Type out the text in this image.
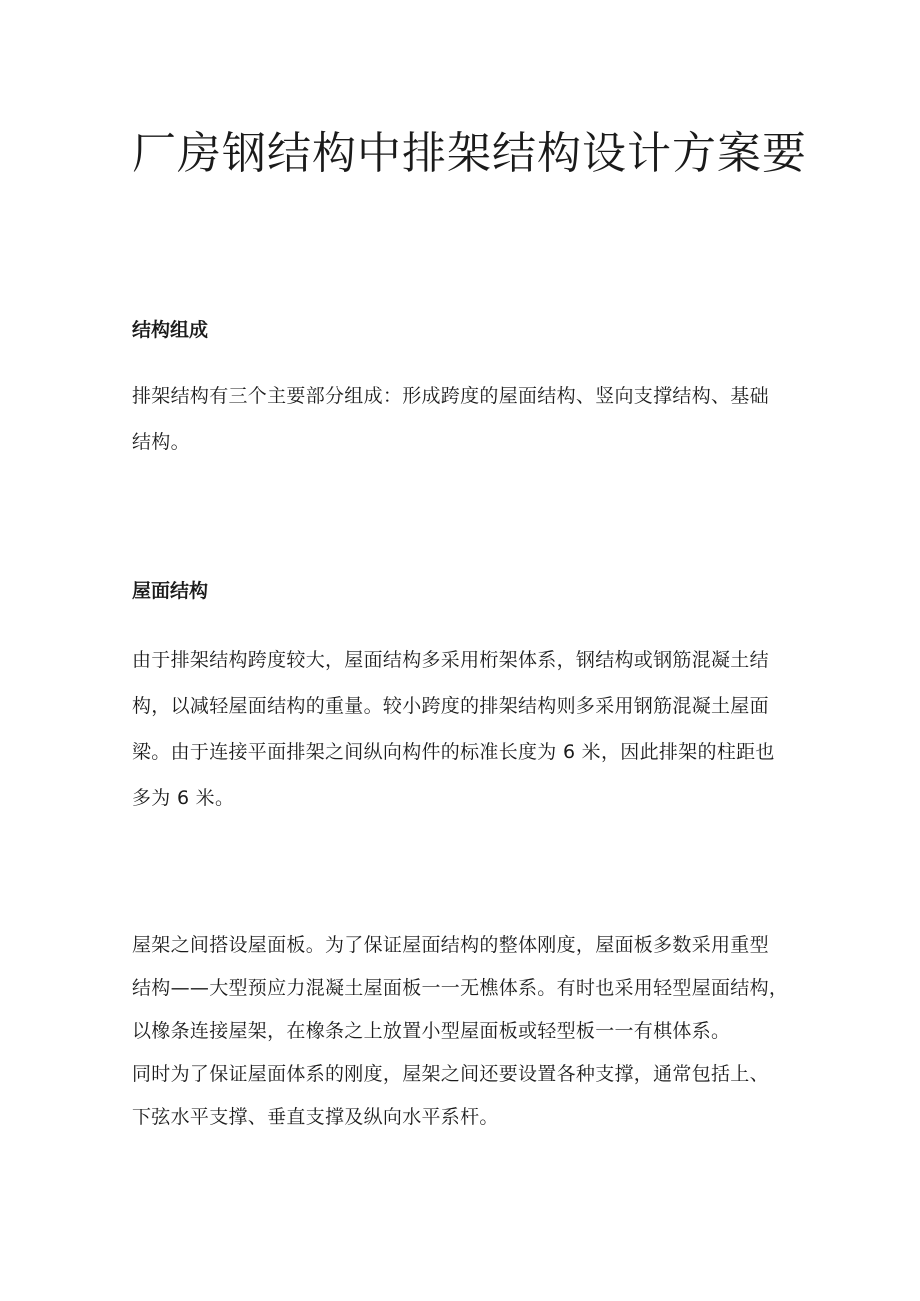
厂房钢结构中排架结构设计方案要
结构组成

排架结构有三个主要部分组成：形成跨度的屋面结构、竖向支撑结构、基础
结构。

屋面结构

由于排架结构跨度较大，屋面结构多采用桁架体系，钢结构或钢筋混凝土结
构，以减轻屋面结构的重量。较小跨度的排架结构则多采用钢筋混凝土屋面
梁。由于连接平面排架之间纵向构件的标准长度为 6 米，因此排架的柱距也
多为 6 米。

屋架之间搭设屋面板。为了保证屋面结构的整体刚度，屋面板多数采用重型
结构——大型预应力混凝土屋面板一一无樵体系。有时也采用轻型屋面结构，
以橡条连接屋架，在橡条之上放置小型屋面板或轻型板一一有棋体系。
同时为了保证屋面体系的刚度，屋架之间还要设置各种支撑，通常包括上、
下弦水平支撑、垂直支撑及纵向水平系杆。
